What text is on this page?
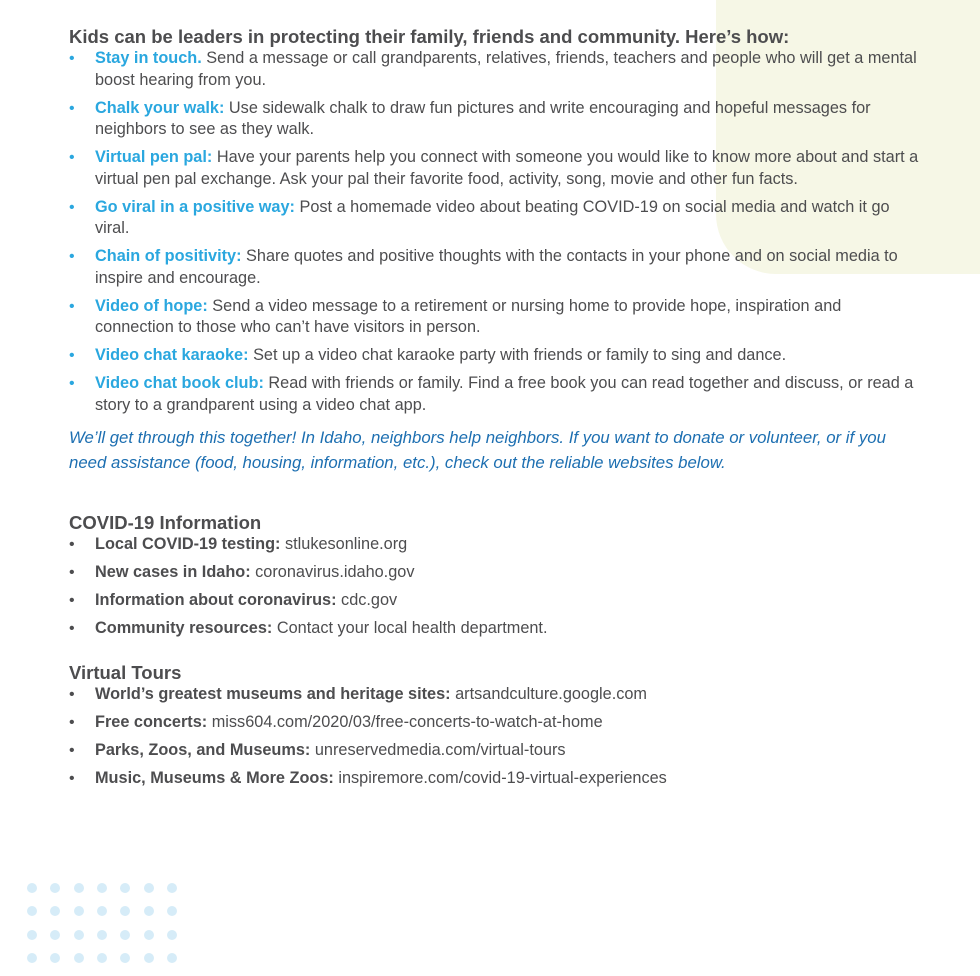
Kids can be leaders in protecting their family, friends and community. Here’s how:

• Stay in touch. Send a message or call grandparents, relatives, friends, teachers and people who will get a mental boost hearing from you.
• Chalk your walk: Use sidewalk chalk to draw fun pictures and write encouraging and hopeful messages for neighbors to see as they walk.
• Virtual pen pal: Have your parents help you connect with someone you would like to know more about and start a virtual pen pal exchange. Ask your pal their favorite food, activity, song, movie and other fun facts.
• Go viral in a positive way: Post a homemade video about beating COVID-19 on social media and watch it go viral.
• Chain of positivity: Share quotes and positive thoughts with the contacts in your phone and on social media to inspire and encourage.
• Video of hope: Send a video message to a retirement or nursing home to provide hope, inspiration and connection to those who can’t have visitors in person.
• Video chat karaoke: Set up a video chat karaoke party with friends or family to sing and dance.
• Video chat book club: Read with friends or family. Find a free book you can read together and discuss, or read a story to a grandparent using a video chat app.

We’ll get through this together! In Idaho, neighbors help neighbors. If you want to donate or volunteer, or if you need assistance (food, housing, information, etc.), check out the reliable websites below.

COVID-19 Information

• Local COVID-19 testing: stlukesonline.org
• New cases in Idaho: coronavirus.idaho.gov
• Information about coronavirus: cdc.gov
• Community resources: Contact your local health department.

Virtual Tours

• World’s greatest museums and heritage sites: artsandculture.google.com
• Free concerts: miss604.com/2020/03/free-concerts-to-watch-at-home
• Parks, Zoos, and Museums: unreservedmedia.com/virtual-tours
• Music, Museums & More Zoos: inspiremore.com/covid-19-virtual-experiences
